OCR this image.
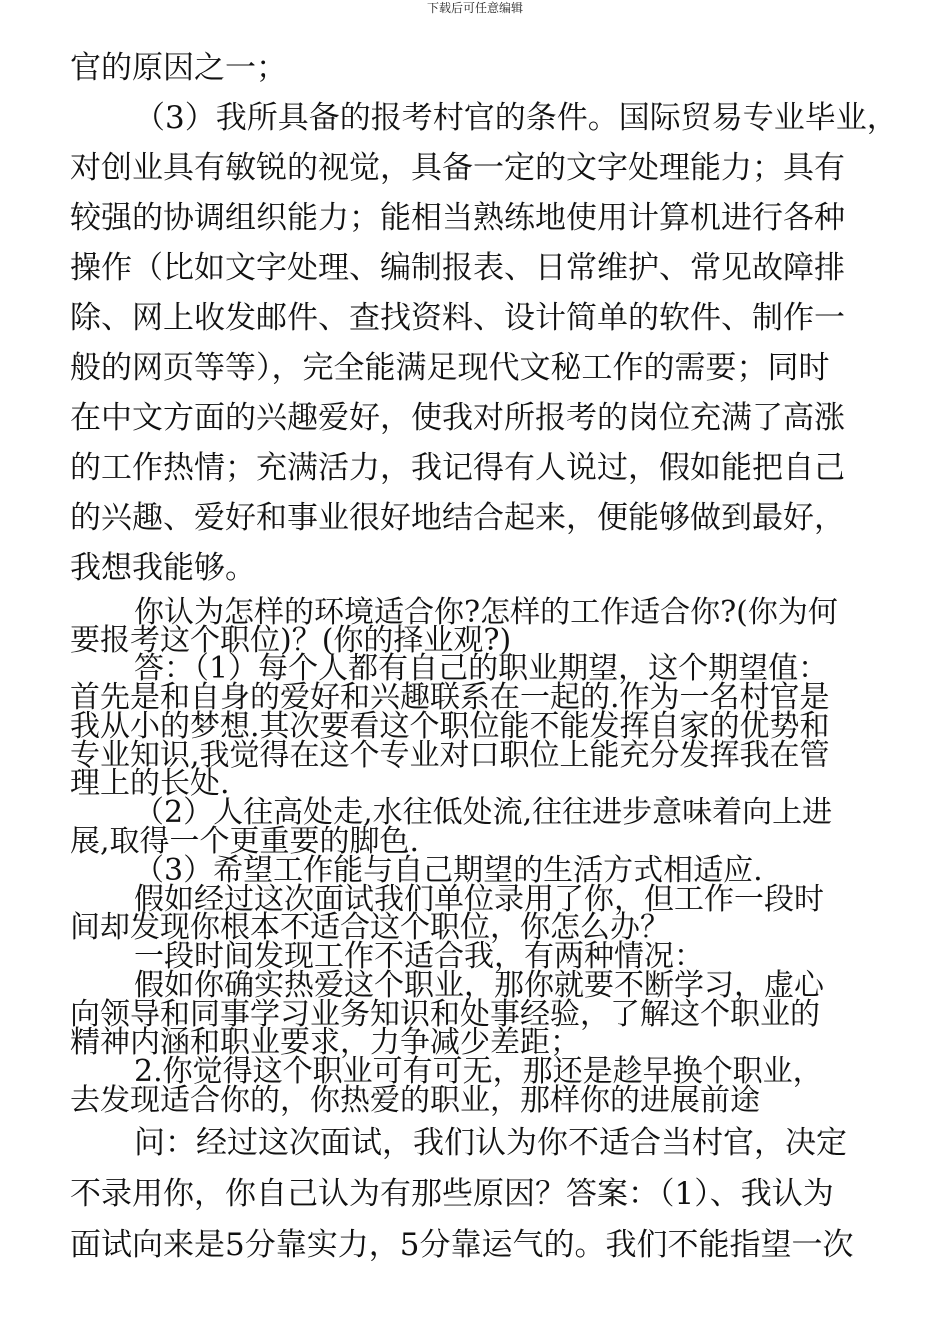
下载后可任意编辑
官的原因之一；
（3）我所具备的报考村官的条件。国际贸易专业毕业，
对创业具有敏锐的视觉，具备一定的文字处理能力；具有
较强的协调组织能力；能相当熟练地使用计算机进行各种
操作（比如文字处理、编制报表、日常维护、常见故障排
除、网上收发邮件、查找资料、设计简单的软件、制作一
般的网页等等），完全能满足现代文秘工作的需要；同时
在中文方面的兴趣爱好，使我对所报考的岗位充满了高涨
的工作热情；充满活力，我记得有人说过，假如能把自己
的兴趣、爱好和事业很好地结合起来，便能够做到最好，
我想我能够。
你认为怎样的环境适合你?怎样的工作适合你?(你为何
要报考这个职位)？(你的择业观?)
答：（1）每个人都有自己的职业期望，这个期望值：
首先是和自身的爱好和兴趣联系在一起的.作为一名村官是
我从小的梦想.其次要看这个职位能不能发挥自家的优势和
专业知识,我觉得在这个专业对口职位上能充分发挥我在管
理上的长处.
（2）人往高处走,水往低处流,往往进步意味着向上进
展,取得一个更重要的脚色.
（3）希望工作能与自己期望的生活方式相适应.
假如经过这次面试我们单位录用了你，但工作一段时
间却发现你根本不适合这个职位，你怎么办？
一段时间发现工作不适合我，有两种情况：
假如你确实热爱这个职业，那你就要不断学习，虚心
向领导和同事学习业务知识和处事经验，了解这个职业的
精神内涵和职业要求，力争减少差距；
2.你觉得这个职业可有可无，那还是趁早换个职业，
去发现适合你的，你热爱的职业，那样你的进展前途
问：经过这次面试，我们认为你不适合当村官，决定
不录用你，你自己认为有那些原因？答案：（1）、我认为
面试向来是5分靠实力，5分靠运气的。我们不能指望一次
